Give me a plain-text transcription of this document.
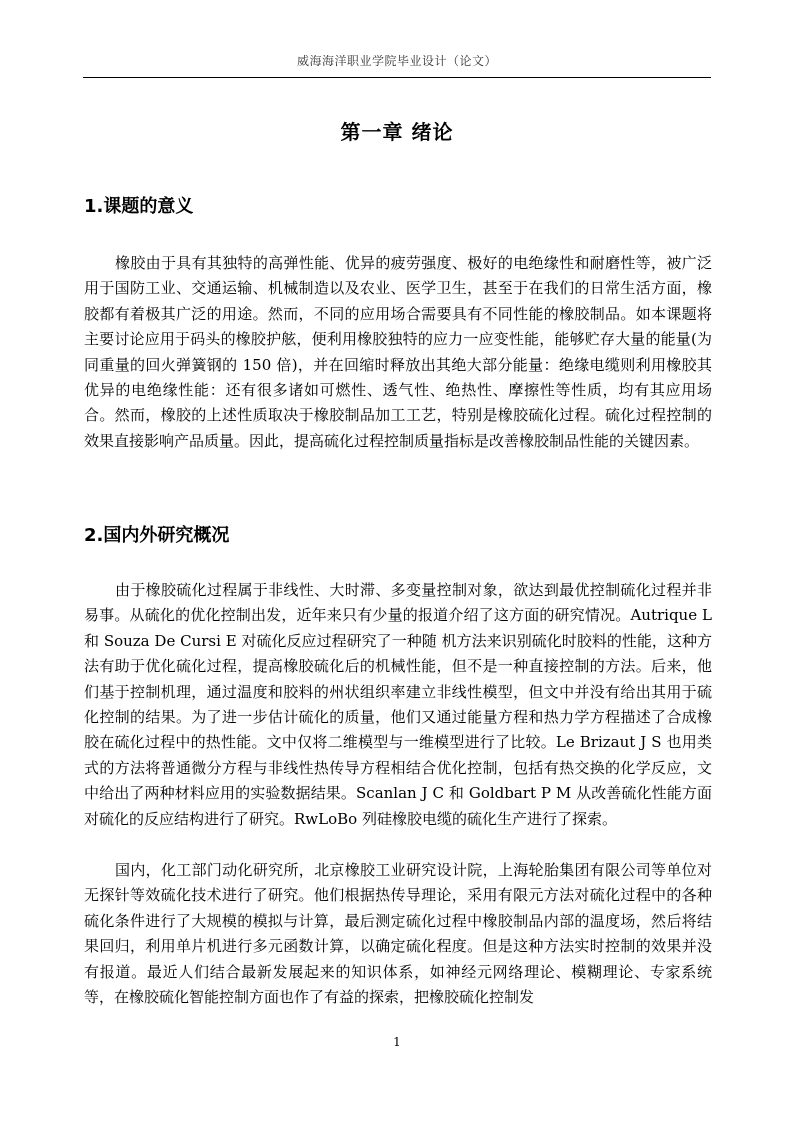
威海海洋职业学院毕业设计（论文）
第一章 绪论
1.课题的意义

橡胶由于具有其独特的高弹性能、优异的疲劳强度、极好的电绝缘性和耐磨性等，被广泛用于国防工业、交通运输、机械制造以及农业、医学卫生，甚至于在我们的日常生活方面，橡胶都有着极其广泛的用途。然而，不同的应用场合需要具有不同性能的橡胶制品。如本课题将主要讨论应用于码头的橡胶护舷，便利用橡胶独特的应力一应变性能，能够贮存大量的能量(为同重量的回火弹簧钢的 150 倍)，并在回缩时释放出其绝大部分能量：绝缘电缆则利用橡胶其优异的电绝缘性能：还有很多诸如可燃性、透气性、绝热性、摩擦性等性质，均有其应用场合。然而，橡胶的上述性质取决于橡胶制品加工工艺，特别是橡胶硫化过程。硫化过程控制的效果直接影响产品质量。因此，提高硫化过程控制质量指标是改善橡胶制品性能的关键因素。

2.国内外研究概况

由于橡胶硫化过程属于非线性、大时滞、多变量控制对象，欲达到最优控制硫化过程并非易事。从硫化的优化控制出发，近年来只有少量的报道介绍了这方面的研究情况。Autrique L 和 Souza De Cursi E 对硫化反应过程研究了一种随 机方法来识别硫化时胶料的性能，这种方法有助于优化硫化过程，提高橡胶硫化后的机械性能，但不是一种直接控制的方法。后来，他们基于控制机理，通过温度和胶料的州状组织率建立非线性模型，但文中并没有给出其用于硫化控制的结果。为了进一步估计硫化的质量，他们又通过能量方程和热力学方程描述了合成橡胶在硫化过程中的热性能。文中仅将二维模型与一维模型进行了比较。Le Brizaut J S 也用类式的方法将普通微分方程与非线性热传导方程相结合优化控制，包括有热交换的化学反应，文中给出了两种材料应用的实验数据结果。Scanlan J C 和 Goldbart P M 从改善硫化性能方面对硫化的反应结构进行了研究。RwLoBo 列硅橡胶电缆的硫化生产进行了探索。

国内，化工部门动化研究所，北京橡胶工业研究设计院，上海轮胎集团有限公司等单位对无探针等效硫化技术进行了研究。他们根据热传导理论，采用有限元方法对硫化过程中的各种硫化条件进行了大规模的模拟与计算，最后测定硫化过程中橡胶制品内部的温度场，然后将结果回归，利用单片机进行多元函数计算，以确定硫化程度。但是这种方法实时控制的效果并没有报道。最近人们结合最新发展起来的知识体系，如神经元网络理论、模糊理论、专家系统等，在橡胶硫化智能控制方面也作了有益的探索，把橡胶硫化控制发

1
